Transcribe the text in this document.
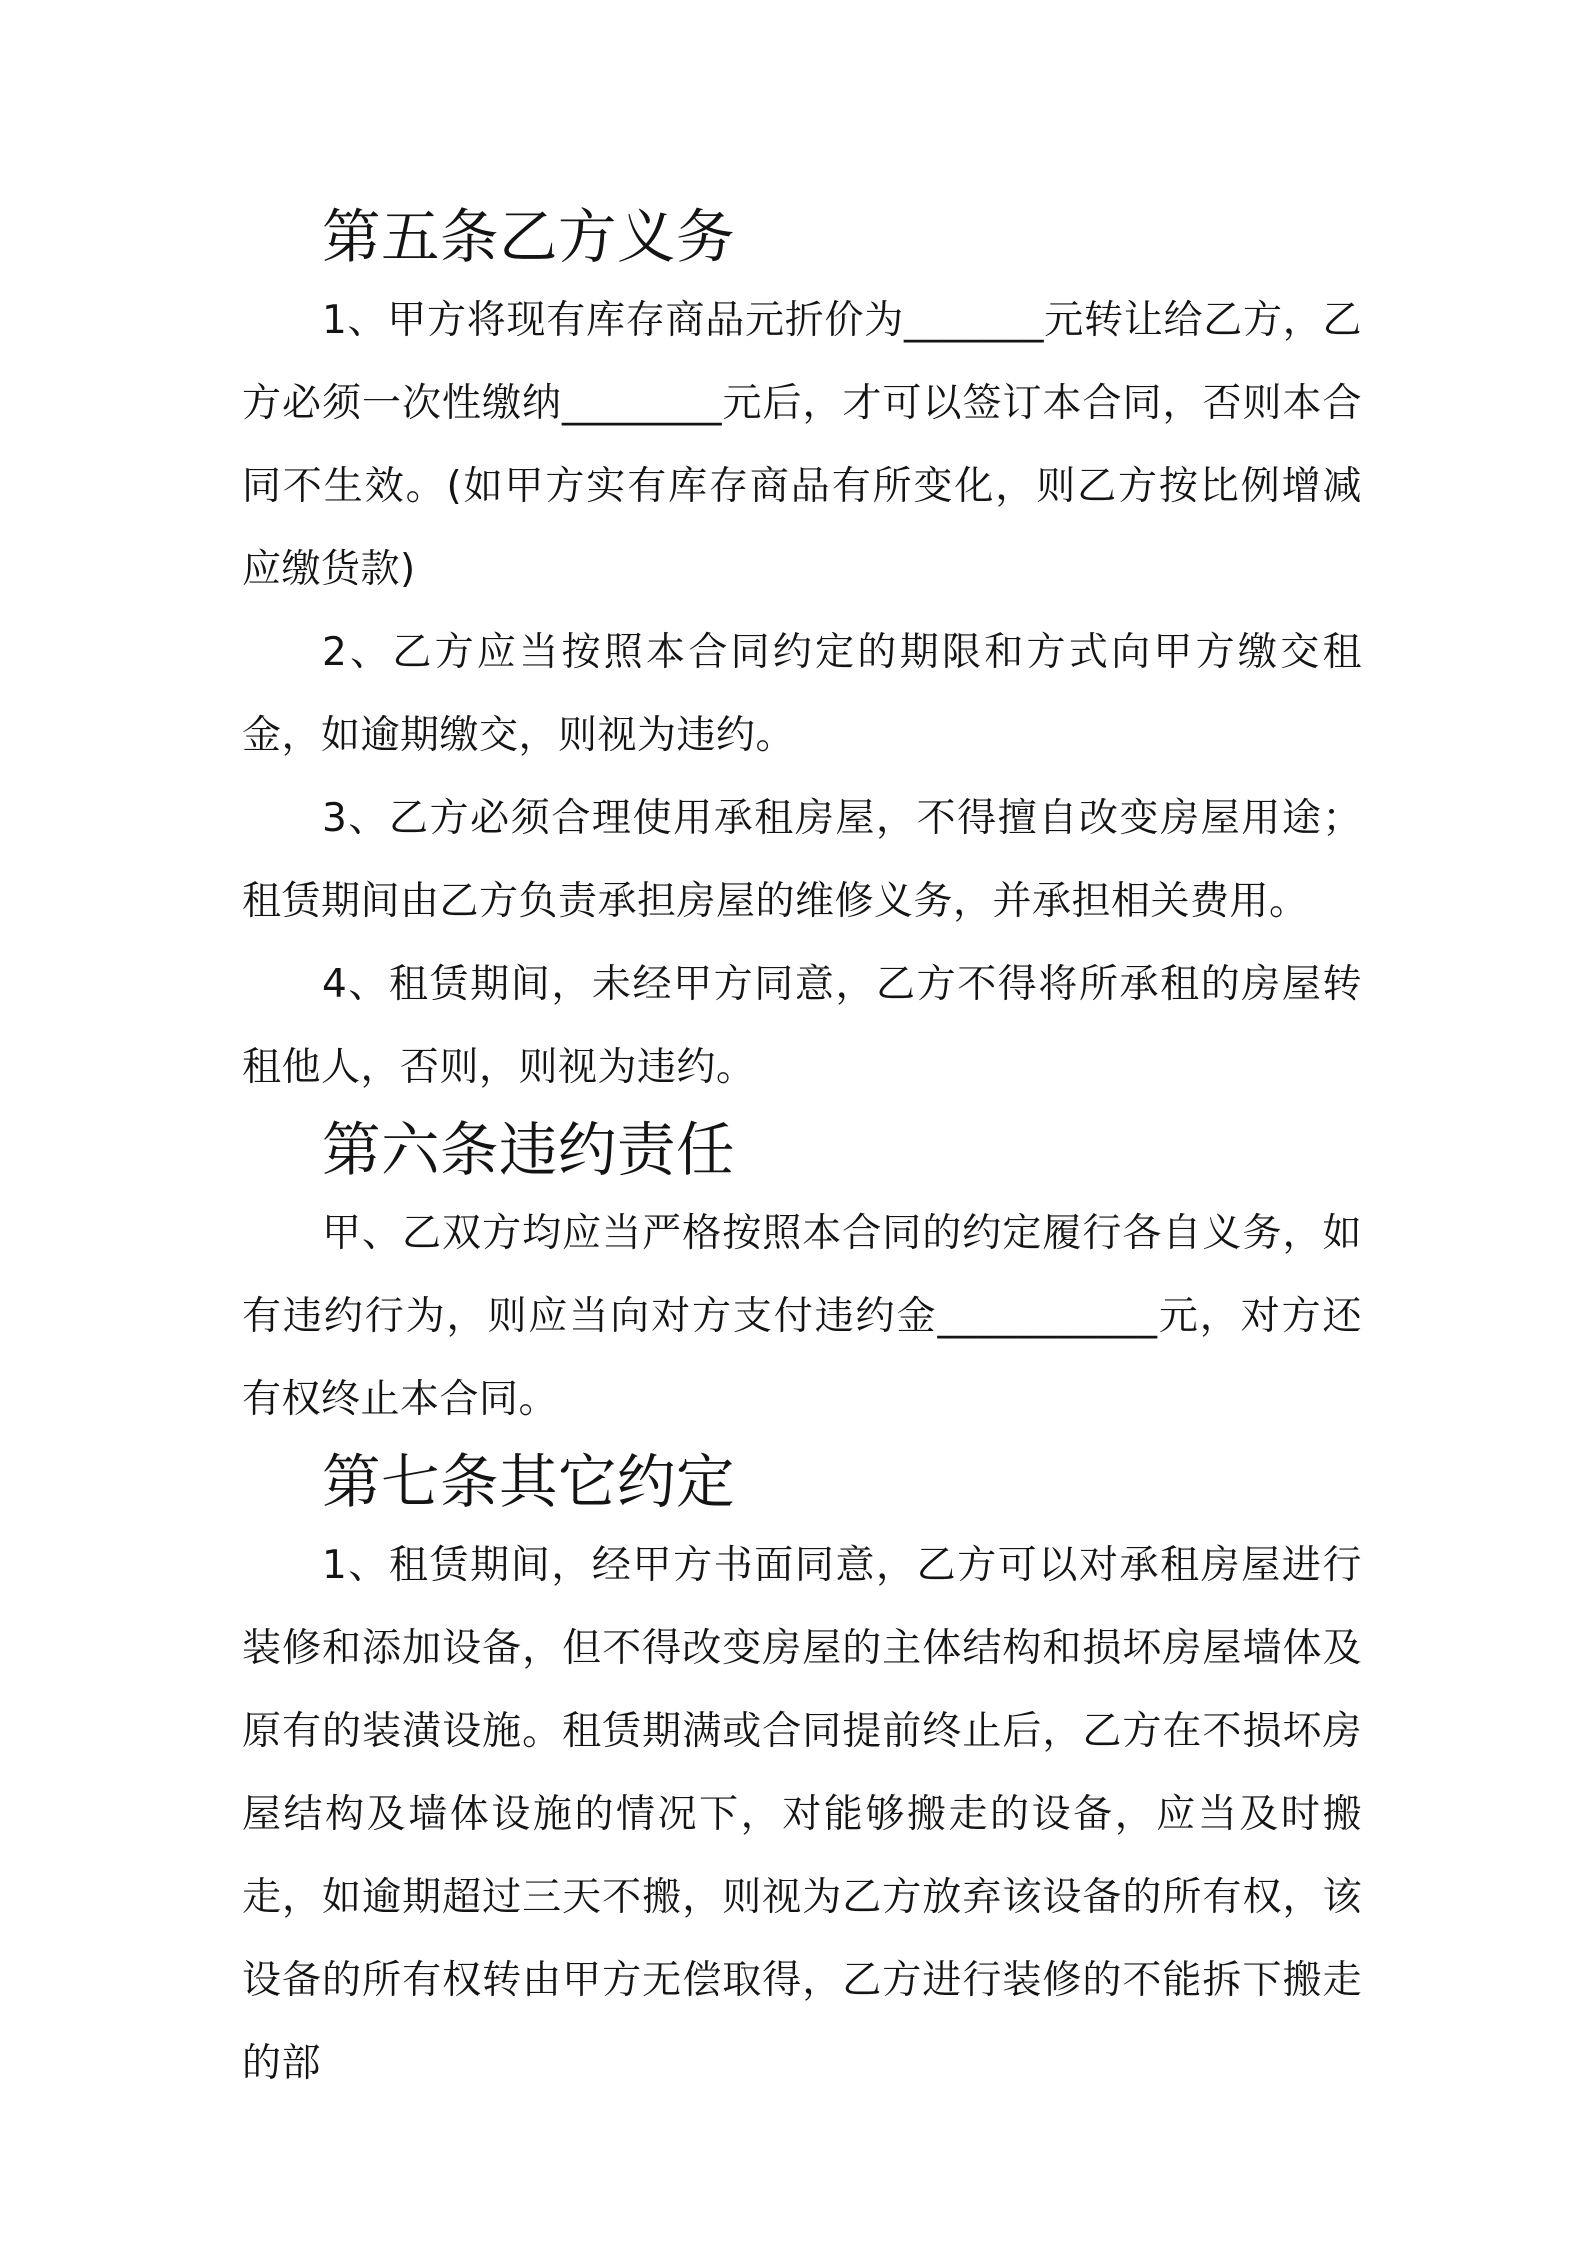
第五条乙方义务

1、甲方将现有库存商品元折价为_______元转让给乙方，乙方必须一次性缴纳________元后，才可以签订本合同，否则本合同不生效。(如甲方实有库存商品有所变化，则乙方按比例增减应缴货款)

2、乙方应当按照本合同约定的期限和方式向甲方缴交租金，如逾期缴交，则视为违约。

3、乙方必须合理使用承租房屋，不得擅自改变房屋用途；租赁期间由乙方负责承担房屋的维修义务，并承担相关费用。

4、租赁期间，未经甲方同意，乙方不得将所承租的房屋转租他人，否则，则视为违约。

第六条违约责任

甲、乙双方均应当严格按照本合同的约定履行各自义务，如有违约行为，则应当向对方支付违约金___________元，对方还有权终止本合同。

第七条其它约定

1、租赁期间，经甲方书面同意，乙方可以对承租房屋进行装修和添加设备，但不得改变房屋的主体结构和损坏房屋墙体及原有的装潢设施。租赁期满或合同提前终止后，乙方在不损坏房屋结构及墙体设施的情况下，对能够搬走的设备，应当及时搬走，如逾期超过三天不搬，则视为乙方放弃该设备的所有权，该设备的所有权转由甲方无偿取得，乙方进行装修的不能拆下搬走的部
